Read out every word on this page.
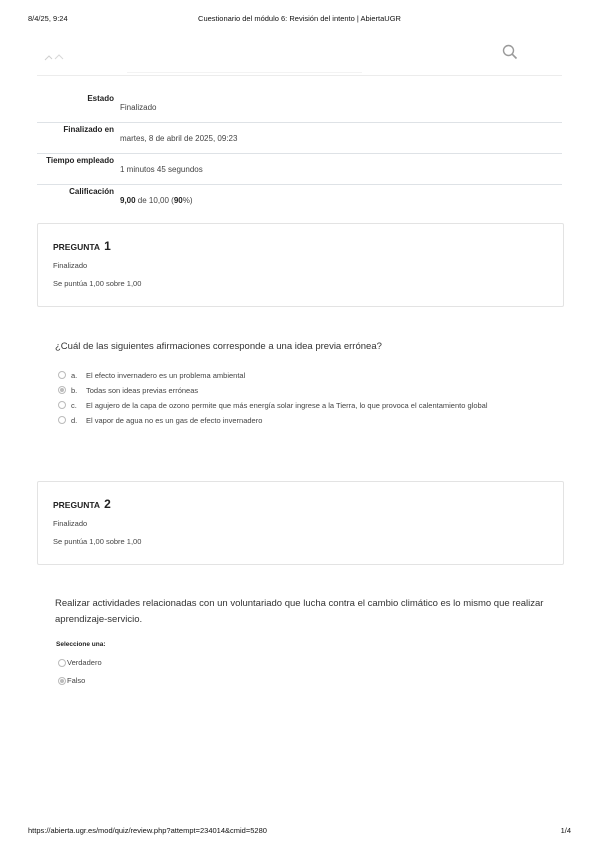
8/4/25, 9:24	Cuestionario del módulo 6: Revisión del intento | AbiertaUGR
Estado
Finalizado
Finalizado en
martes, 8 de abril de 2025, 09:23
Tiempo empleado
1 minutos 45 segundos
Calificación
9,00 de 10,00 (90%)
PREGUNTA 1
Finalizado
Se puntúa 1,00 sobre 1,00
¿Cuál de las siguientes afirmaciones corresponde a una idea previa errónea?
a. El efecto invernadero es un problema ambiental
b. Todas son ideas previas erróneas
c. El agujero de la capa de ozono permite que más energía solar ingrese a la Tierra, lo que provoca el calentamiento global
d. El vapor de agua no es un gas de efecto invernadero
PREGUNTA 2
Finalizado
Se puntúa 1,00 sobre 1,00
Realizar actividades relacionadas con un voluntariado que lucha contra el cambio climático es lo mismo que realizar aprendizaje-servicio.
Seleccione una:
Verdadero
Falso
https://abierta.ugr.es/mod/quiz/review.php?attempt=234014&cmid=5280	1/4
